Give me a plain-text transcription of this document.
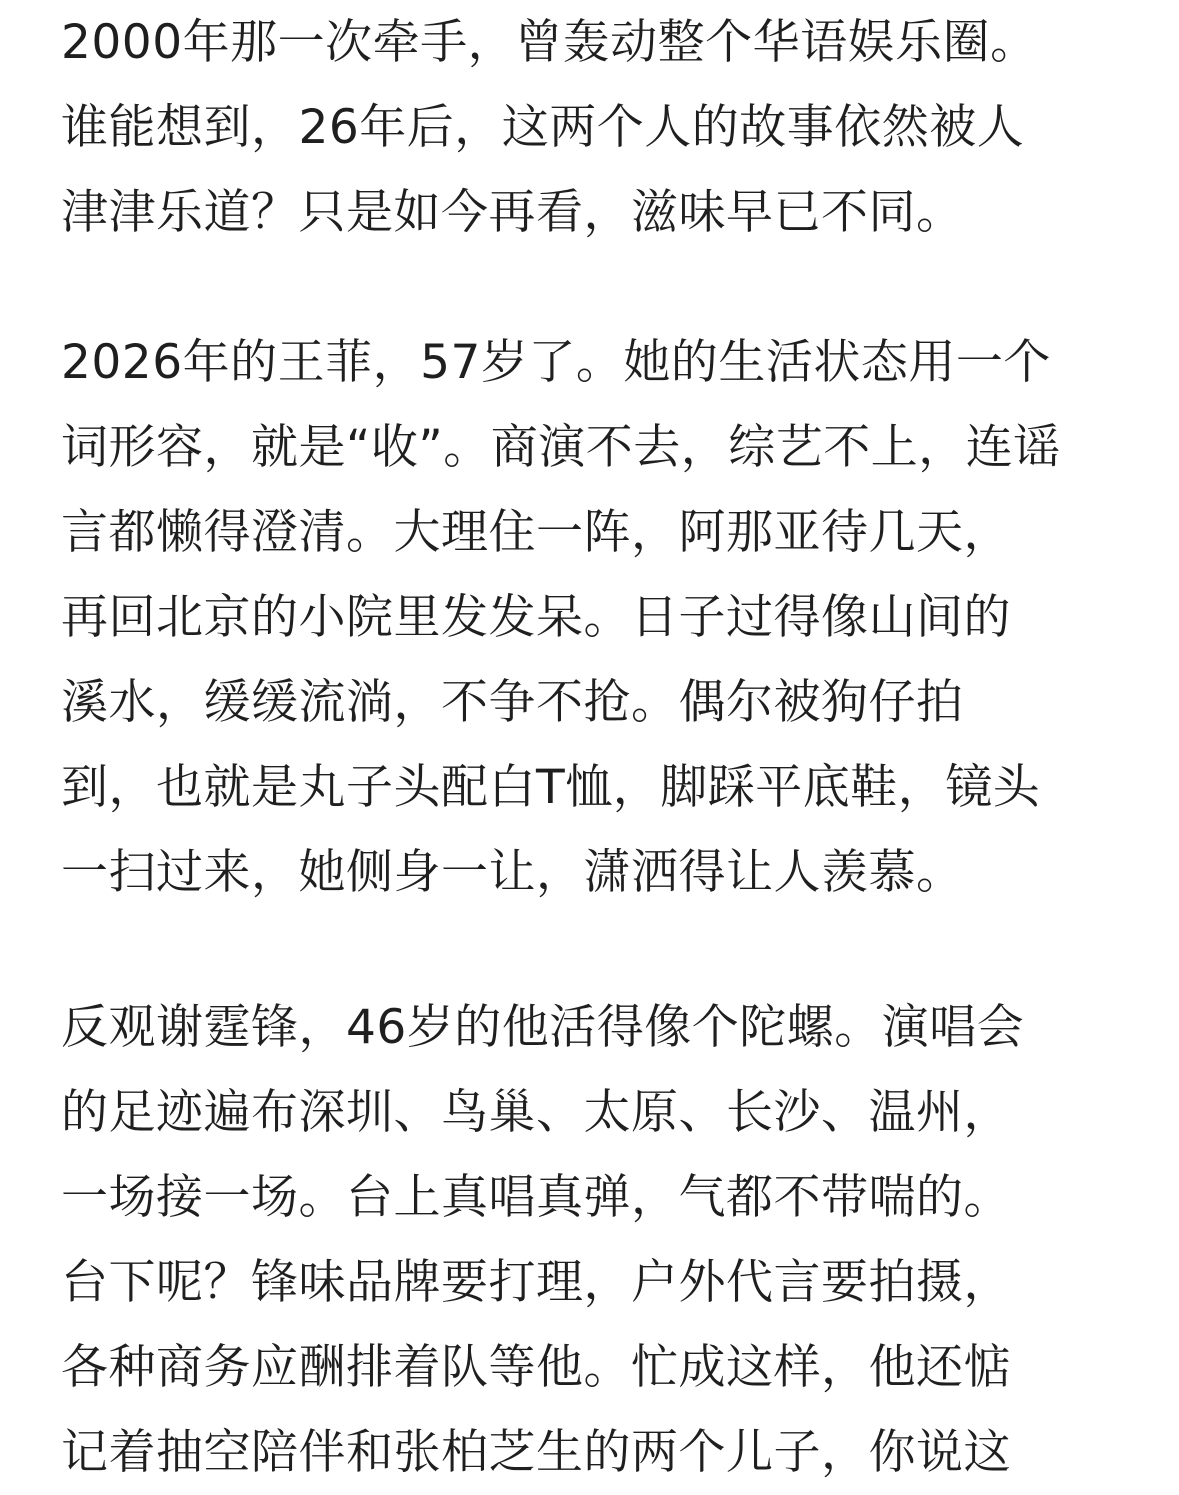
2000年那一次牵手，曾轰动整个华语娱乐圈。
谁能想到，26年后，这两个人的故事依然被人
津津乐道？只是如今再看，滋味早已不同。

2026年的王菲，57岁了。她的生活状态用一个
词形容，就是“收”。商演不去，综艺不上，连谣
言都懒得澄清。大理住一阵，阿那亚待几天，
再回北京的小院里发发呆。日子过得像山间的
溪水，缓缓流淌，不争不抢。偶尔被狗仔拍
到，也就是丸子头配白T恤，脚踩平底鞋，镜头
一扫过来，她侧身一让，潇洒得让人羡慕。

反观谢霆锋，46岁的他活得像个陀螺。演唱会
的足迹遍布深圳、鸟巢、太原、长沙、温州，
一场接一场。台上真唱真弹，气都不带喘的。
台下呢？锋味品牌要打理，户外代言要拍摄，
各种商务应酬排着队等他。忙成这样，他还惦
记着抽空陪伴和张柏芝生的两个儿子，你说这
